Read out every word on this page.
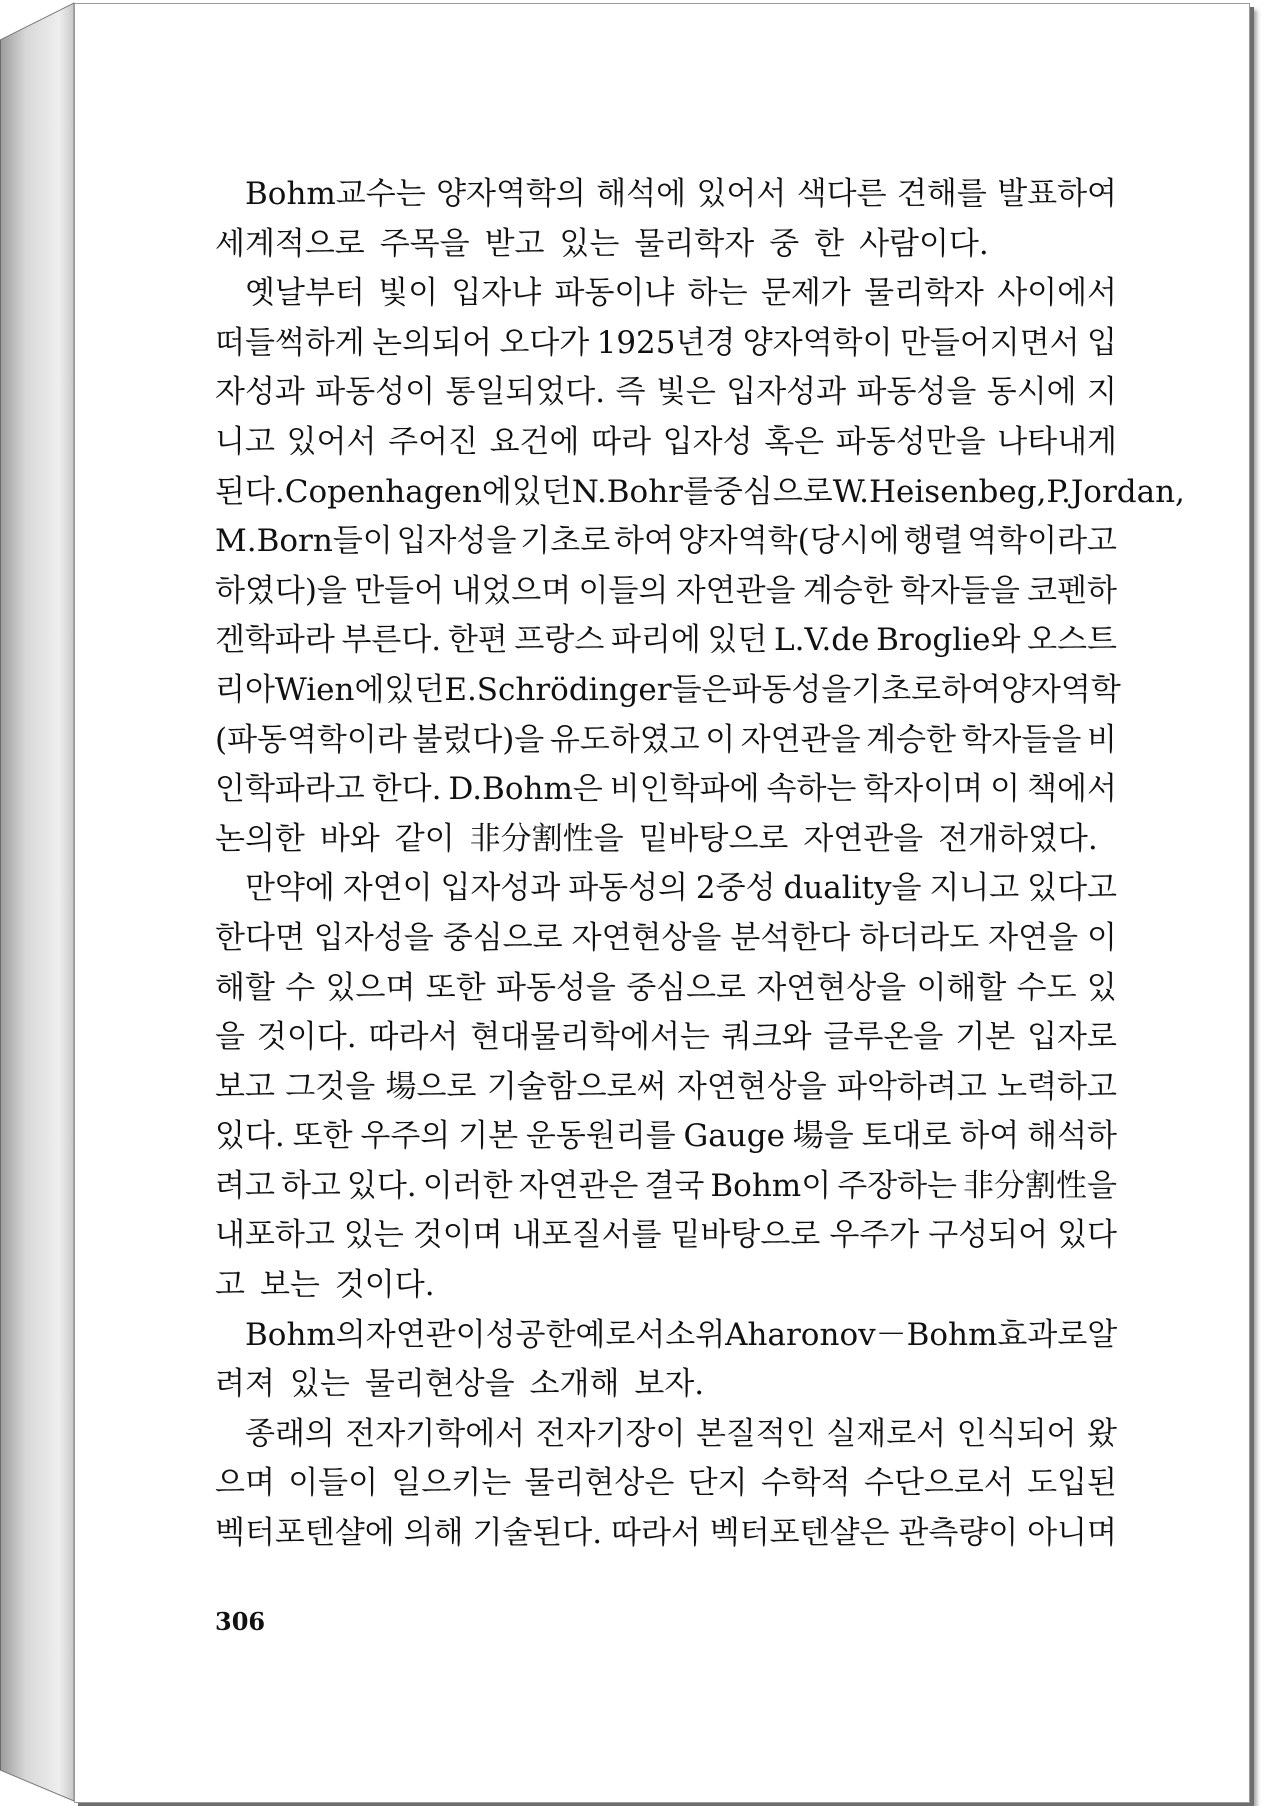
Bohm교수는 양자역학의 해석에 있어서 색다른 견해를 발표하여
세계적으로 주목을 받고 있는 물리학자 중 한 사람이다.
옛날부터 빛이 입자냐 파동이냐 하는 문제가 물리학자 사이에서
떠들썩하게 논의되어 오다가 1925년경 양자역학이 만들어지면서 입
자성과 파동성이 통일되었다. 즉 빛은 입자성과 파동성을 동시에 지
니고 있어서 주어진 요건에 따라 입자성 혹은 파동성만을 나타내게
된다. Copenhagen에 있던 N.Bohr를 중심으로 W.Heisenbeg, P.Jordan,
M.Born들이 입자성을 기초로 하여 양자역학(당시에 행렬 역학이라고
하였다)을 만들어 내었으며 이들의 자연관을 계승한 학자들을 코펜하
겐학파라 부른다. 한편 프랑스 파리에 있던 L.V.de Broglie와 오스트
리아 Wien에 있던 E.Schrödinger들은 파동성을 기초로 하여 양자역학
(파동역학이라 불렀다)을 유도하였고 이 자연관을 계승한 학자들을 비
인학파라고 한다. D.Bohm은 비인학파에 속하는 학자이며 이 책에서
논의한 바와 같이 非分割性을 밑바탕으로 자연관을 전개하였다.
만약에 자연이 입자성과 파동성의 2중성 duality을 지니고 있다고
한다면 입자성을 중심으로 자연현상을 분석한다 하더라도 자연을 이
해할 수 있으며 또한 파동성을 중심으로 자연현상을 이해할 수도 있
을 것이다. 따라서 현대물리학에서는 쿼크와 글루온을 기본 입자로
보고 그것을 場으로 기술함으로써 자연현상을 파악하려고 노력하고
있다. 또한 우주의 기본 운동원리를 Gauge 場을 토대로 하여 해석하
려고 하고 있다. 이러한 자연관은 결국 Bohm이 주장하는 非分割性을
내포하고 있는 것이며 내포질서를 밑바탕으로 우주가 구성되어 있다
고 보는 것이다.
Bohm의 자연관이 성공한 예로서 소위 Aharonov－Bohm 효과로 알
려져 있는 물리현상을 소개해 보자.
종래의 전자기학에서 전자기장이 본질적인 실재로서 인식되어 왔
으며 이들이 일으키는 물리현상은 단지 수학적 수단으로서 도입된
벡터포텐샬에 의해 기술된다. 따라서 벡터포텐샬은 관측량이 아니며
306
